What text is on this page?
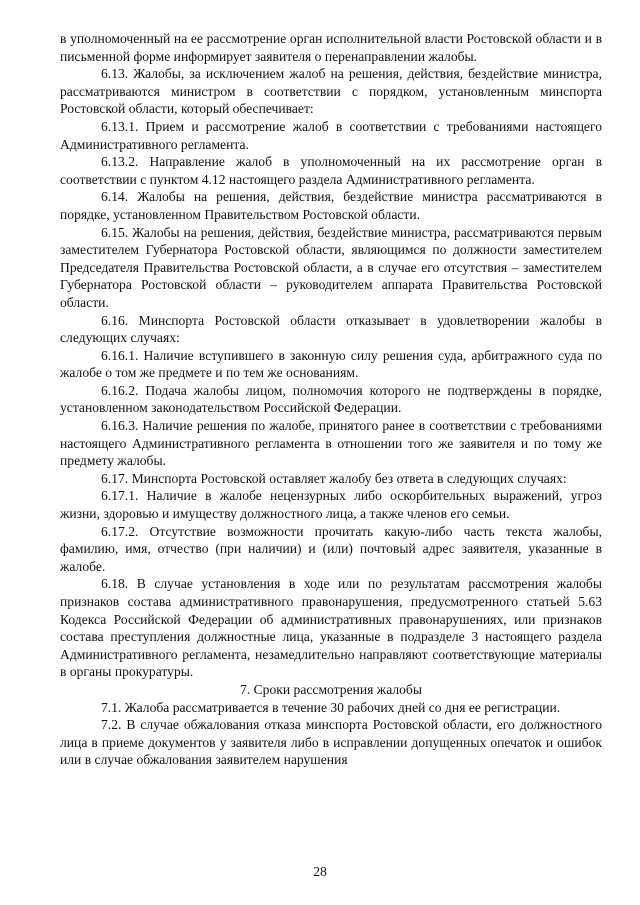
в уполномоченный на ее рассмотрение орган исполнительной власти Ростовской области и в письменной форме информирует заявителя о перенаправлении жалобы.

6.13. Жалобы, за исключением жалоб на решения, действия, бездействие министра, рассматриваются министром в соответствии с порядком, установленным минспорта Ростовской области, который обеспечивает:

6.13.1. Прием и рассмотрение жалоб в соответствии с требованиями настоящего Административного регламента.

6.13.2. Направление жалоб в уполномоченный на их рассмотрение орган в соответствии с пунктом 4.12 настоящего раздела Административного регламента.

6.14. Жалобы на решения, действия, бездействие министра рассматриваются в порядке, установленном Правительством Ростовской области.

6.15. Жалобы на решения, действия, бездействие министра, рассматриваются первым заместителем Губернатора Ростовской области, являющимся по должности заместителем Председателя Правительства Ростовской области, а в случае его отсутствия – заместителем Губернатора Ростовской области – руководителем аппарата Правительства Ростовской области.

6.16. Минспорта Ростовской области отказывает в удовлетворении жалобы в следующих случаях:

6.16.1. Наличие вступившего в законную силу решения суда, арбитражного суда по жалобе о том же предмете и по тем же основаниям.

6.16.2. Подача жалобы лицом, полномочия которого не подтверждены в порядке, установленном законодательством Российской Федерации.

6.16.3. Наличие решения по жалобе, принятого ранее в соответствии с требованиями настоящего Административного регламента в отношении того же заявителя и по тому же предмету жалобы.

6.17. Минспорта Ростовской оставляет жалобу без ответа в следующих случаях:

6.17.1. Наличие в жалобе нецензурных либо оскорбительных выражений, угроз жизни, здоровью и имуществу должностного лица, а также членов его семьи.

6.17.2. Отсутствие возможности прочитать какую-либо часть текста жалобы, фамилию, имя, отчество (при наличии) и (или) почтовый адрес заявителя, указанные в жалобе.

6.18. В случае установления в ходе или по результатам рассмотрения жалобы признаков состава административного правонарушения, предусмотренного статьей 5.63 Кодекса Российской Федерации об административных правонарушениях, или признаков состава преступления должностные лица, указанные в подразделе 3 настоящего раздела Административного регламента, незамедлительно направляют соответствующие материалы в органы прокуратуры.

7. Сроки рассмотрения жалобы

7.1. Жалоба рассматривается в течение 30 рабочих дней со дня ее регистрации.

7.2. В случае обжалования отказа минспорта Ростовской области, его должностного лица в приеме документов у заявителя либо в исправлении допущенных опечаток и ошибок или в случае обжалования заявителем нарушения

28
